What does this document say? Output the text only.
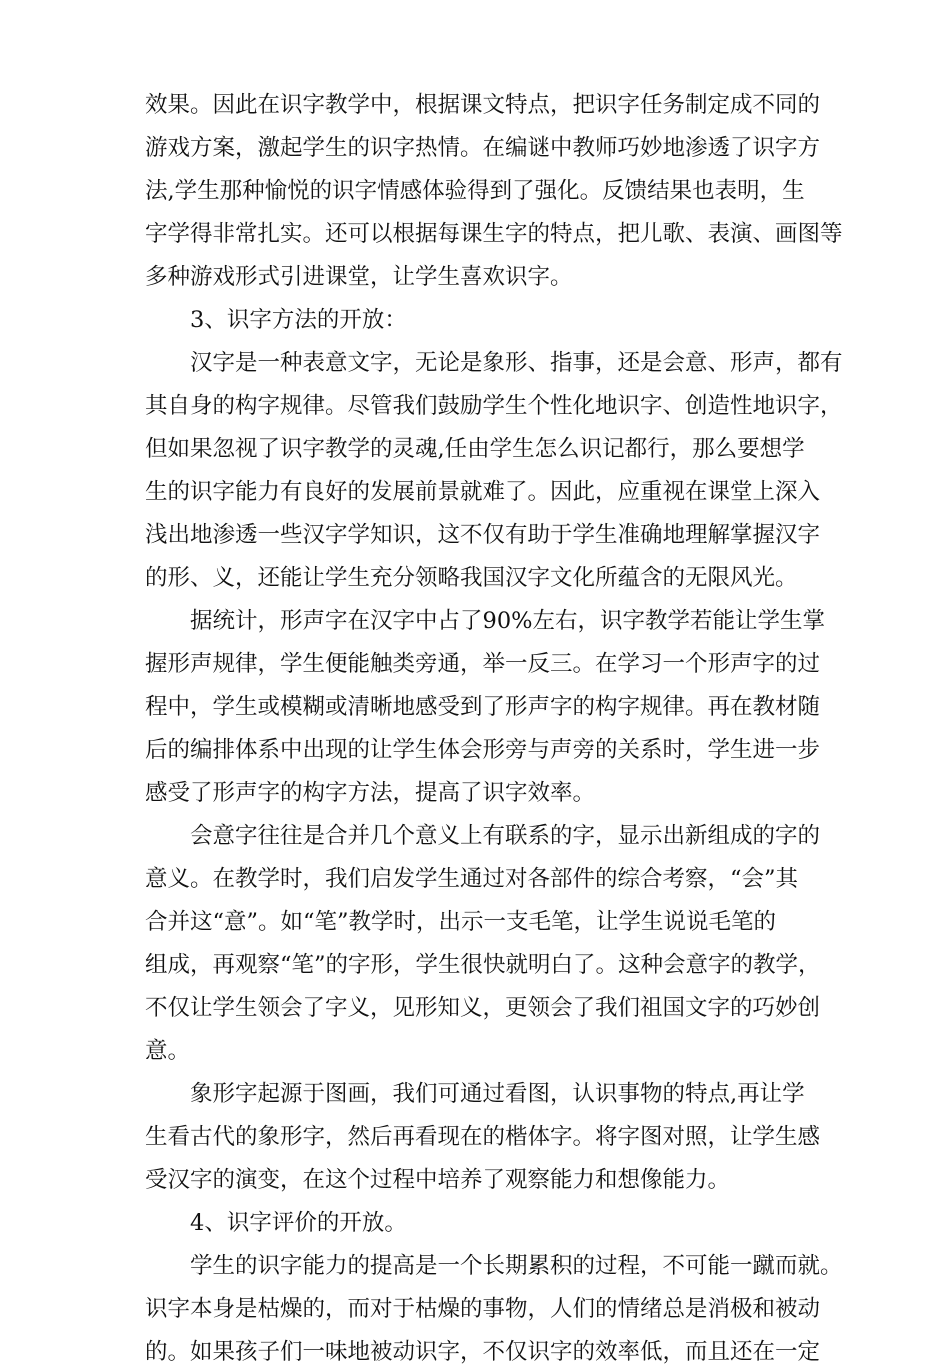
效果。因此在识字教学中，根据课文特点，把识字任务制定成不同的
游戏方案，激起学生的识字热情。在编谜中教师巧妙地渗透了识字方
法,学生那种愉悦的识字情感体验得到了强化。反馈结果也表明，生
字学得非常扎实。还可以根据每课生字的特点，把儿歌、表演、画图等
多种游戏形式引进课堂，让学生喜欢识字。
3、识字方法的开放：
汉字是一种表意文字，无论是象形、指事，还是会意、形声，都有
其自身的构字规律。尽管我们鼓励学生个性化地识字、创造性地识字，
但如果忽视了识字教学的灵魂,任由学生怎么识记都行，那么要想学
生的识字能力有良好的发展前景就难了。因此，应重视在课堂上深入
浅出地渗透一些汉字学知识，这不仅有助于学生准确地理解掌握汉字
的形、义，还能让学生充分领略我国汉字文化所蕴含的无限风光。
据统计，形声字在汉字中占了90%左右，识字教学若能让学生掌
握形声规律，学生便能触类旁通，举一反三。在学习一个形声字的过
程中，学生或模糊或清晰地感受到了形声字的构字规律。再在教材随
后的编排体系中出现的让学生体会形旁与声旁的关系时，学生进一步
感受了形声字的构字方法，提高了识字效率。
会意字往往是合并几个意义上有联系的字，显示出新组成的字的
意义。在教学时，我们启发学生通过对各部件的综合考察，“会”其
合并这“意”。如“笔”教学时，出示一支毛笔，让学生说说毛笔的
组成，再观察“笔”的字形，学生很快就明白了。这种会意字的教学，
不仅让学生领会了字义，见形知义，更领会了我们祖国文字的巧妙创
意。
象形字起源于图画，我们可通过看图，认识事物的特点,再让学
生看古代的象形字，然后再看现在的楷体字。将字图对照，让学生感
受汉字的演变，在这个过程中培养了观察能力和想像能力。
4、识字评价的开放。
学生的识字能力的提高是一个长期累积的过程，不可能一蹴而就。
识字本身是枯燥的，而对于枯燥的事物，人们的情绪总是消极和被动
的。如果孩子们一味地被动识字，不仅识字的效率低，而且还在一定
